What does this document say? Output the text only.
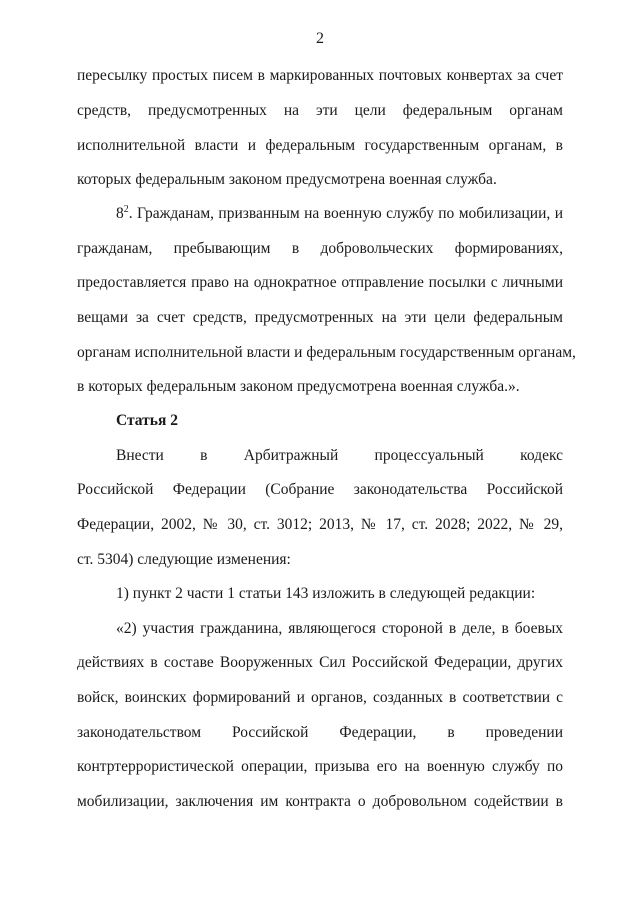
2
пересылку простых писем в маркированных почтовых конвертах за счет
средств, предусмотренных на эти цели федеральным органам
исполнительной власти и федеральным государственным органам, в
которых федеральным законом предусмотрена военная служба.
$8^2$. Гражданам, призванным на военную службу по мобилизации, и
гражданам, пребывающим в добровольческих формированиях,
предоставляется право на однократное отправление посылки с личными
вещами за счет средств, предусмотренных на эти цели федеральным
органам исполнительной власти и федеральным государственным органам,
в которых федеральным законом предусмотрена военная служба.».
Статья 2
Внести в Арбитражный процессуальный кодекс
Российской Федерации (Собрание законодательства Российской
Федерации, 2002, № 30, ст. 3012; 2013, № 17, ст. 2028; 2022, № 29,
ст. 5304) следующие изменения:
1) пункт 2 части 1 статьи 143 изложить в следующей редакции:
«2) участия гражданина, являющегося стороной в деле, в боевых
действиях в составе Вооруженных Сил Российской Федерации, других
войск, воинских формирований и органов, созданных в соответствии с
законодательством Российской Федерации, в проведении
контртеррористической операции, призыва его на военную службу по
мобилизации, заключения им контракта о добровольном содействии в
